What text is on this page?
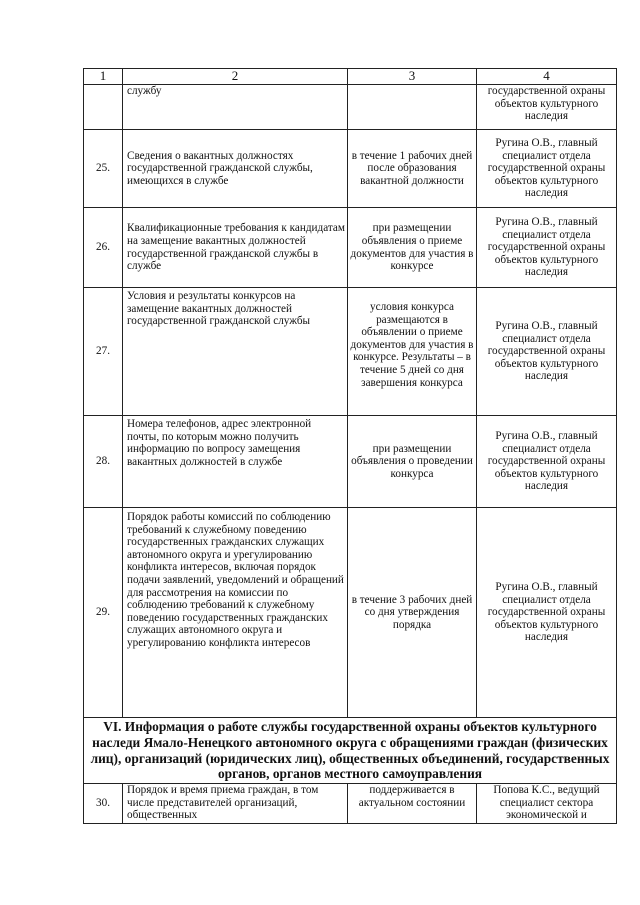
1	2	3	4
	службу		государственной охраны объектов культурного наследия
25.	Сведения о вакантных должностях государственной гражданской службы, имеющихся в службе	в течение 1 рабочих дней после образования вакантной должности	Ругина О.В., главный специалист отдела государственной охраны объектов культурного наследия
26.	Квалификационные требования к кандидатам на замещение вакантных должностей государственной гражданской службы в службе	при размещении объявления о приеме документов для участия в конкурсе	Ругина О.В., главный специалист отдела государственной охраны объектов культурного наследия
27.	Условия и результаты конкурсов на замещение вакантных должностей государственной гражданской службы	условия конкурса размещаются в объявлении о приеме документов для участия в конкурсе. Результаты – в течение 5 дней со дня завершения конкурса	Ругина О.В., главный специалист отдела государственной охраны объектов культурного наследия
28.	Номера телефонов, адрес электронной почты, по которым можно получить информацию по вопросу замещения вакантных должностей в службе	при размещении объявления о проведении конкурса	Ругина О.В., главный специалист отдела государственной охраны объектов культурного наследия
29.	Порядок работы комиссий по соблюдению требований к служебному поведению государственных гражданских служащих автономного округа и урегулированию конфликта интересов, включая порядок подачи заявлений, уведомлений и обращений для рассмотрения на комиссии по соблюдению требований к служебному поведению государственных гражданских служащих автономного округа и урегулированию конфликта интересов	в течение 3 рабочих дней со дня утверждения порядка	Ругина О.В., главный специалист отдела государственной охраны объектов культурного наследия
VI. Информация о работе службы государственной охраны объектов культурного наследи Ямало-Ненецкого автономного округа с обращениями граждан (физических лиц), организаций (юридических лиц), общественных объединений, государственных органов, органов местного самоуправления			
30.	Порядок и время приема граждан, в том числе представителей организаций, общественных	поддерживается в актуальном состоянии	Попова К.С., ведущий специалист сектора экономической и
